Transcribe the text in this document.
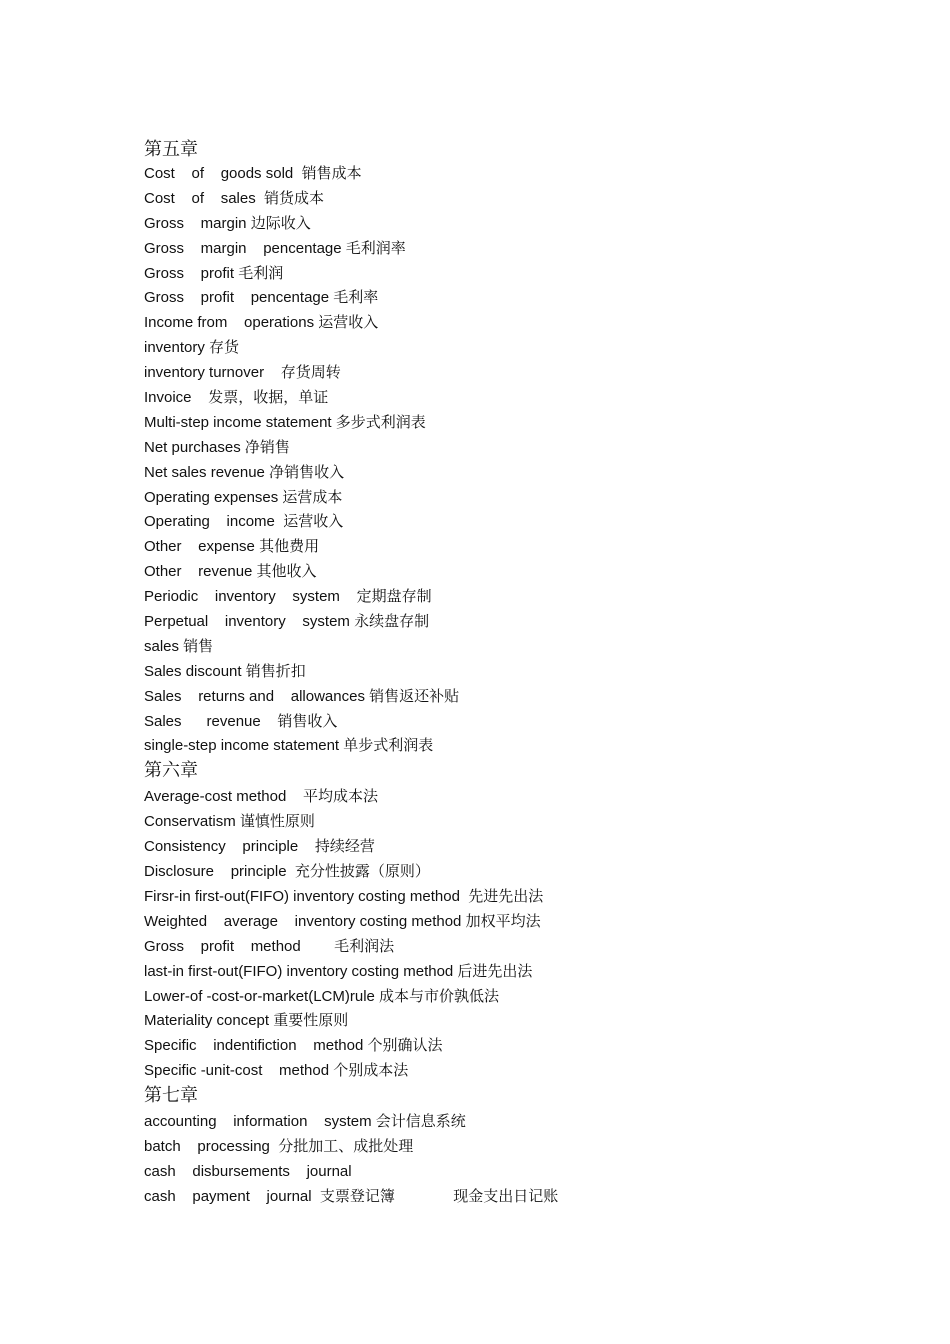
第五章
Cost    of    goods sold  销售成本
Cost    of    sales  销货成本
Gross    margin 边际收入
Gross    margin    pencentage 毛利润率
Gross    profit 毛利润
Gross    profit    pencentage 毛利率
Income from    operations 运营收入
inventory 存货
inventory turnover    存货周转
Invoice    发票，收据，单证
Multi-step income statement 多步式利润表
Net purchases 净销售
Net sales revenue 净销售收入
Operating expenses 运营成本
Operating    income  运营收入
Other    expense 其他费用
Other    revenue 其他收入
Periodic    inventory    system    定期盘存制
Perpetual    inventory    system 永续盘存制
sales 销售
Sales discount 销售折扣
Sales    returns and    allowances 销售返还补贴
Sales      revenue    销售收入
single-step income statement 单步式利润表
第六章
Average-cost method    平均成本法
Conservatism 谨慎性原则
Consistency    principle    持续经营
Disclosure    principle  充分性披露（原则）
Firsr-in first-out(FIFO) inventory costing method  先进先出法
Weighted    average    inventory costing method 加权平均法
Gross    profit    method        毛利润法
last-in first-out(FIFO) inventory costing method 后进先出法
Lower-of -cost-or-market(LCM)rule 成本与市价孰低法
Materiality concept 重要性原则
Specific    indentifiction    method 个别确认法
Specific -unit-cost    method 个别成本法
第七章
accounting    information    system 会计信息系统
batch    processing  分批加工、成批处理
cash    disbursements    journal
cash    payment    journal  支票登记簿              现金支出日记账
